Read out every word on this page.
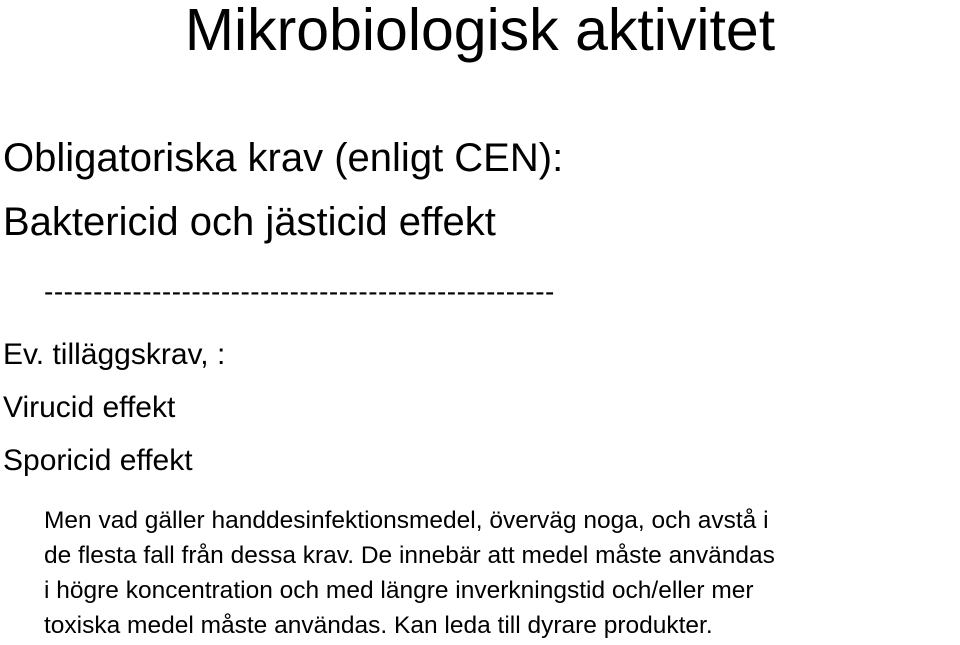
Mikrobiologisk aktivitet
Obligatoriska krav (enligt CEN):
Baktericid och jästicid effekt
----------------------------------------------------
Ev. tilläggskrav, :
Virucid effekt
Sporicid effekt
Men vad gäller handdesinfektionsmedel, överväg noga, och avstå i
de flesta fall från dessa krav. De innebär att medel måste användas
i högre koncentration och med längre inverkningstid och/eller mer
toxiska medel måste användas. Kan leda till dyrare produkter.
